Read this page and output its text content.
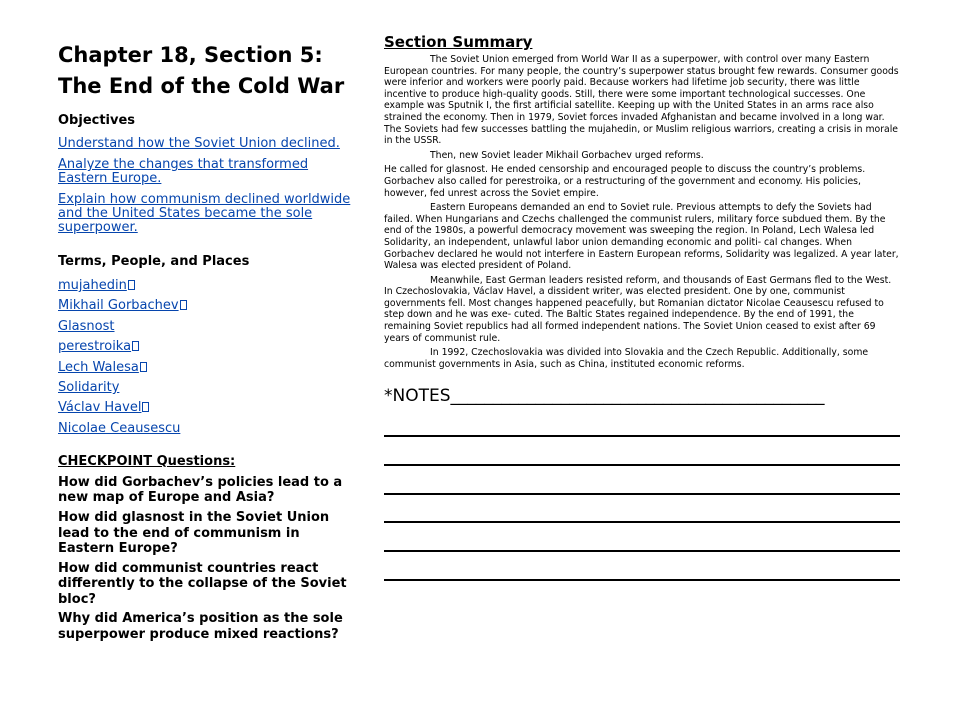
Chapter 18, Section 5:
The End of the Cold War
Objectives
Understand how the Soviet Union declined.
Analyze the changes that transformed Eastern Europe.
Explain how communism declined worldwide and the United States became the sole superpower.
Terms, People, and Places
mujahedin
Mikhail Gorbachev
Glasnost
perestroika
Lech Walesa
Solidarity
Václav Havel
Nicolae Ceausescu
CHECKPOINT Questions:

How did Gorbachev’s policies lead to a new map of Europe and Asia?

How did glasnost in the Soviet Union lead to the end of communism in Eastern Europe?

How did communist countries react differently to the collapse of the Soviet bloc?

Why did America’s position as the sole superpower produce mixed reactions?

Section Summary

The Soviet Union emerged from World War II as a superpower, with control over many Eastern European countries. For many people, the country’s superpower status brought few rewards. Consumer goods were inferior and workers were poorly paid. Because workers had lifetime job security, there was little incentive to produce high-quality goods. Still, there were some important technological successes. One example was Sputnik I, the first artificial satellite. Keeping up with the United States in an arms race also strained the economy. Then in 1979, Soviet forces invaded Afghanistan and became involved in a long war. The Soviets had few successes battling the mujahedin, or Muslim religious warriors, creating a crisis in morale in the USSR.

Then, new Soviet leader Mikhail Gorbachev urged reforms.

He called for glasnost. He ended censorship and encouraged people to discuss the country’s problems. Gorbachev also called for perestroika, or a restructuring of the government and economy. His policies, however, fed unrest across the Soviet empire.

Eastern Europeans demanded an end to Soviet rule. Previous attempts to defy the Soviets had failed. When Hungarians and Czechs challenged the communist rulers, military force subdued them. By the end of the 1980s, a powerful democracy movement was sweeping the region. In Poland, Lech Walesa led Solidarity, an independent, unlawful labor union demanding economic and politi- cal changes. When Gorbachev declared he would not interfere in Eastern European reforms, Solidarity was legalized. A year later, Walesa was elected president of Poland.

Meanwhile, East German leaders resisted reform, and thousands of East Germans fled to the West. In Czechoslovakia, Václav Havel, a dissident writer, was elected president. One by one, communist governments fell. Most changes happened peacefully, but Romanian dictator Nicolae Ceausescu refused to step down and he was exe- cuted. The Baltic States regained independence. By the end of 1991, the remaining Soviet republics had all formed independent nations. The Soviet Union ceased to exist after 69 years of communist rule.

In 1992, Czechoslovakia was divided into Slovakia and the Czech Republic. Additionally, some communist governments in Asia, such as China, instituted economic reforms.

*NOTES____________________________________________
